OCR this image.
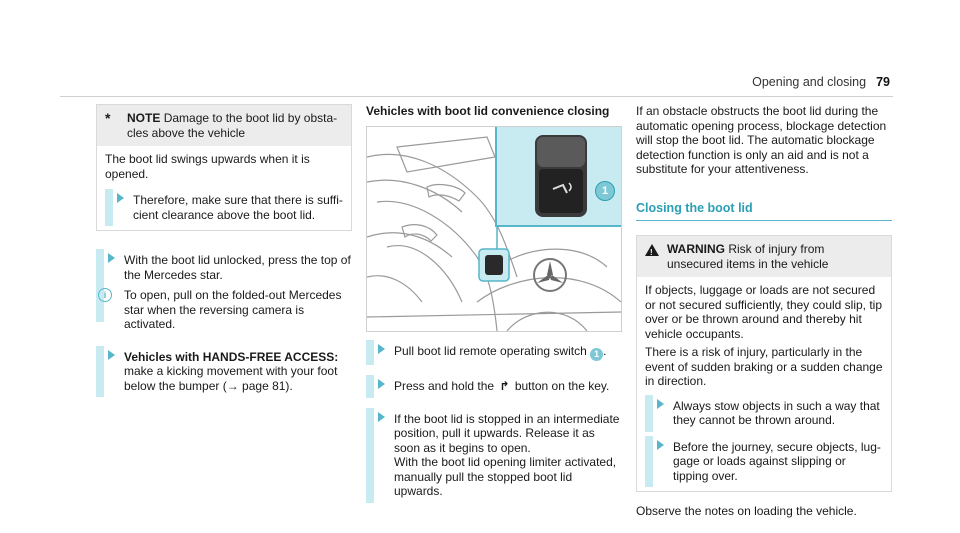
Opening and closing 79
*	NOTE Damage to the boot lid by obsta-cles above the vehicle
The boot lid swings upwards when it is opened.
Therefore, make sure that there is suffi-cient clearance above the boot lid.
With the boot lid unlocked, press the top of the Mercedes star.
i	To open, pull on the folded-out Mercedes star when the reversing camera is activated.
Vehicles with HANDS-FREE ACCESS: make a kicking movement with your foot below the bumper (→ page 81).
Vehicles with boot lid convenience closing
1
Pull boot lid remote operating switch 1 .
Press and hold the ↱ button on the key.
If the boot lid is stopped in an intermediate position, pull it upwards. Release it as soon as it begins to open.
With the boot lid opening limiter activated, manually pull the stopped boot lid upwards.
If an obstacle obstructs the boot lid during the automatic opening process, blockage detection will stop the boot lid. The automatic blockage detection function is only an aid and is not a substitute for your attentiveness.
Closing the boot lid
! WARNING Risk of injury from unsecured items in the vehicle
If objects, luggage or loads are not secured or not secured sufficiently, they could slip, tip over or be thrown around and thereby hit vehicle occupants.
There is a risk of injury, particularly in the event of sudden braking or a sudden change in direction.
Always stow objects in such a way that they cannot be thrown around.
Before the journey, secure objects, lug-gage or loads against slipping or tipping over.
Observe the notes on loading the vehicle.
